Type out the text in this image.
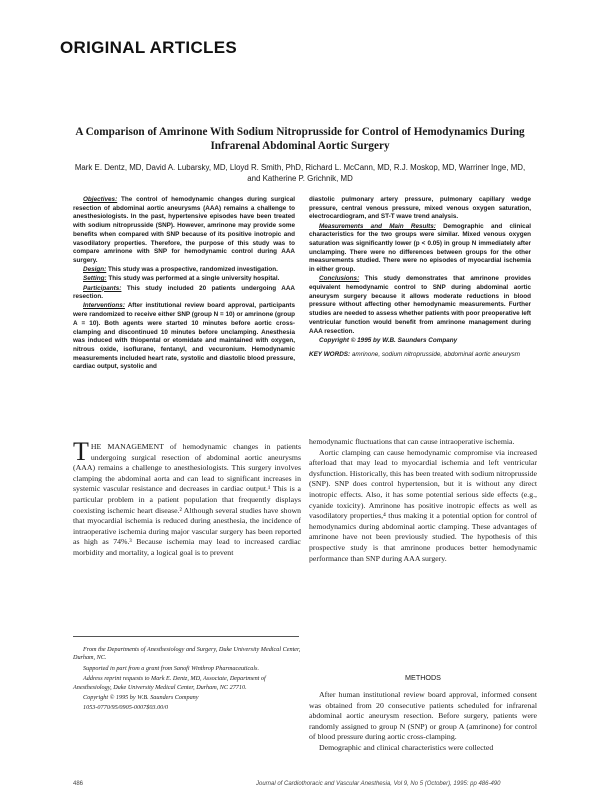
ORIGINAL ARTICLES
A Comparison of Amrinone With Sodium Nitroprusside for Control of Hemodynamics During Infrarenal Abdominal Aortic Surgery
Mark E. Dentz, MD, David A. Lubarsky, MD, Lloyd R. Smith, PhD, Richard L. McCann, MD, R.J. Moskop, MD, Warriner Inge, MD, and Katherine P. Grichnik, MD

Objectives: The control of hemodynamic changes during surgical resection of abdominal aortic aneurysms (AAA) remains a challenge to anesthesiologists. In the past, hypertensive episodes have been treated with sodium nitroprusside (SNP). However, amrinone may provide some benefits when compared with SNP because of its positive inotropic and vasodilatory properties. Therefore, the purpose of this study was to compare amrinone with SNP for hemodynamic control during AAA surgery.

Design: This study was a prospective, randomized investigation.

Setting: This study was performed at a single university hospital.

Participants: This study included 20 patients undergoing AAA resection.

Interventions: After institutional review board approval, participants were randomized to receive either SNP (group N = 10) or amrinone (group A = 10). Both agents were started 10 minutes before aortic cross-clamping and discontinued 10 minutes before unclamping. Anesthesia was induced with thiopental or etomidate and maintained with oxygen, nitrous oxide, isoflurane, fentanyl, and vecuronium. Hemodynamic measurements included heart rate, systolic and diastolic blood pressure, cardiac output, systolic and

diastolic pulmonary artery pressure, pulmonary capillary wedge pressure, central venous pressure, mixed venous oxygen saturation, electrocardiogram, and ST-T wave trend analysis.

Measurements and Main Results: Demographic and clinical characteristics for the two groups were similar. Mixed venous oxygen saturation was significantly lower (p < 0.05) in group N immediately after unclamping. There were no differences between groups for the other measurements studied. There were no episodes of myocardial ischemia in either group.

Conclusions: This study demonstrates that amrinone provides equivalent hemodynamic control to SNP during abdominal aortic aneurysm surgery because it allows moderate reductions in blood pressure without affecting other hemodynamic measurements. Further studies are needed to assess whether patients with poor preoperative left ventricular function would benefit from amrinone management during AAA resection.

Copyright © 1995 by W.B. Saunders Company

KEY WORDS: amrinone, sodium nitroprusside, abdominal aortic aneurysm

THE MANAGEMENT of hemodynamic changes in patients undergoing surgical resection of abdominal aortic aneurysms (AAA) remains a challenge to anesthesiologists. This surgery involves clamping the abdominal aorta and can lead to significant increases in systemic vascular resistance and decreases in cardiac output.¹ This is a particular problem in a patient population that frequently displays coexisting ischemic heart disease.² Although several studies have shown that myocardial ischemia is reduced during anesthesia, the incidence of intraoperative ischemia during major vascular surgery has been reported as high as 74%.³ Because ischemia may lead to increased cardiac morbidity and mortality, a logical goal is to prevent

hemodynamic fluctuations that can cause intraoperative ischemia.

Aortic clamping can cause hemodynamic compromise via increased afterload that may lead to myocardial ischemia and left ventricular dysfunction. Historically, this has been treated with sodium nitroprusside (SNP). SNP does control hypertension, but it is without any direct inotropic effects. Also, it has some potential serious side effects (e.g., cyanide toxicity). Amrinone has positive inotropic effects as well as vasodilatory properties,⁴ thus making it a potential option for control of hemodynamics during abdominal aortic clamping. These advantages of amrinone have not been previously studied. The hypothesis of this prospective study is that amrinone produces better hemodynamic performance than SNP during AAA surgery.

From the Departments of Anesthesiology and Surgery, Duke University Medical Center, Durham, NC.

Supported in part from a grant from Sanofi Winthrop Pharmaceuticals.

Address reprint requests to Mark E. Dentz, MD, Associate, Department of Anesthesiology, Duke University Medical Center, Durham, NC 27710.

Copyright © 1995 by W.B. Saunders Company

1053-0770/95/0905-0007$03.00/0

METHODS

After human institutional review board approval, informed consent was obtained from 20 consecutive patients scheduled for infrarenal abdominal aortic aneurysm resection. Before surgery, patients were randomly assigned to group N (SNP) or group A (amrinone) for control of blood pressure during aortic cross-clamping.

Demographic and clinical characteristics were collected

486	Journal of Cardiothoracic and Vascular Anesthesia, Vol 9, No 5 (October), 1995: pp 486-490
